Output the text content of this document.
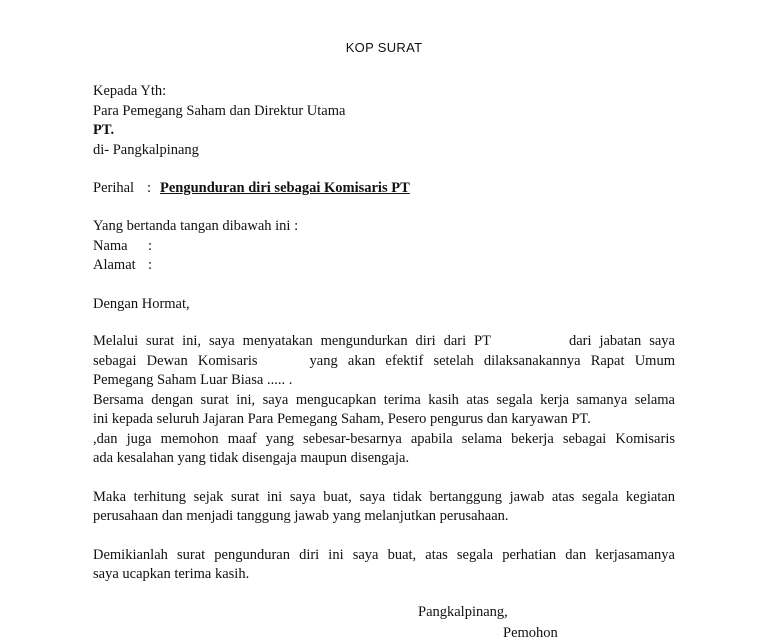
KOP SURAT
Kepada Yth:
Para Pemegang Saham dan Direktur Utama
PT.
di- Pangkalpinang
Perihal : Pengunduran diri sebagai Komisaris PT
Yang bertanda tangan dibawah ini :
Nama :
Alamat :
Dengan Hormat,
Melalui surat ini, saya menyatakan mengundurkan diri dari PT	dari jabatan saya
sebagai Dewan Komisaris	yang akan efektif setelah dilaksanakannya Rapat Umum
Pemegang Saham Luar Biasa ..... .
Bersama dengan surat ini, saya mengucapkan terima kasih atas segala kerja samanya selama
ini kepada seluruh Jajaran Para Pemegang Saham, Pesero pengurus dan karyawan PT.
,dan juga memohon maaf yang sebesar-besarnya apabila selama bekerja sebagai Komisaris
ada kesalahan yang tidak disengaja maupun disengaja.
Maka terhitung sejak surat ini saya buat, saya tidak bertanggung jawab atas segala kegiatan
perusahaan dan menjadi tanggung jawab yang melanjutkan perusahaan.
Demikianlah surat pengunduran diri ini saya buat, atas segala perhatian dan kerjasamanya
saya ucapkan terima kasih.
Pangkalpinang,
Pemohon
